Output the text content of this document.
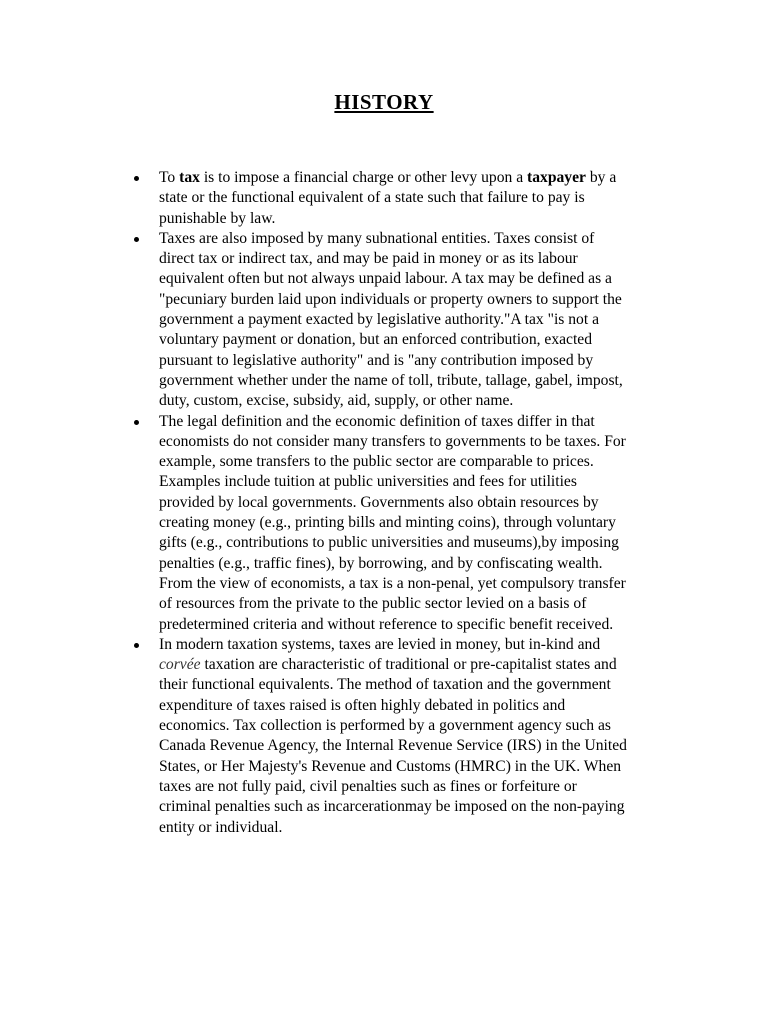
HISTORY
To tax is to impose a financial charge or other levy upon a taxpayer by a state or the functional equivalent of a state such that failure to pay is punishable by law.
Taxes are also imposed by many subnational entities. Taxes consist of direct tax or indirect tax, and may be paid in money or as its labour equivalent often but not always unpaid labour. A tax may be defined as a "pecuniary burden laid upon individuals or property owners to support the government a payment exacted by legislative authority."A tax "is not a voluntary payment or donation, but an enforced contribution, exacted pursuant to legislative authority" and is "any contribution imposed by government whether under the name of toll, tribute, tallage, gabel, impost, duty, custom, excise, subsidy, aid, supply, or other name.
The legal definition and the economic definition of taxes differ in that economists do not consider many transfers to governments to be taxes. For example, some transfers to the public sector are comparable to prices. Examples include tuition at public universities and fees for utilities provided by local governments. Governments also obtain resources by creating money (e.g., printing bills and minting coins), through voluntary gifts (e.g., contributions to public universities and museums),by imposing penalties (e.g., traffic fines), by borrowing, and by confiscating wealth. From the view of economists, a tax is a non-penal, yet compulsory transfer of resources from the private to the public sector levied on a basis of predetermined criteria and without reference to specific benefit received.
In modern taxation systems, taxes are levied in money, but in-kind and corvée taxation are characteristic of traditional or pre-capitalist states and their functional equivalents. The method of taxation and the government expenditure of taxes raised is often highly debated in politics and economics. Tax collection is performed by a government agency such as Canada Revenue Agency, the Internal Revenue Service (IRS) in the United States, or Her Majesty's Revenue and Customs (HMRC) in the UK. When taxes are not fully paid, civil penalties such as fines or forfeiture or criminal penalties such as incarcerationmay be imposed on the non-paying entity or individual.
